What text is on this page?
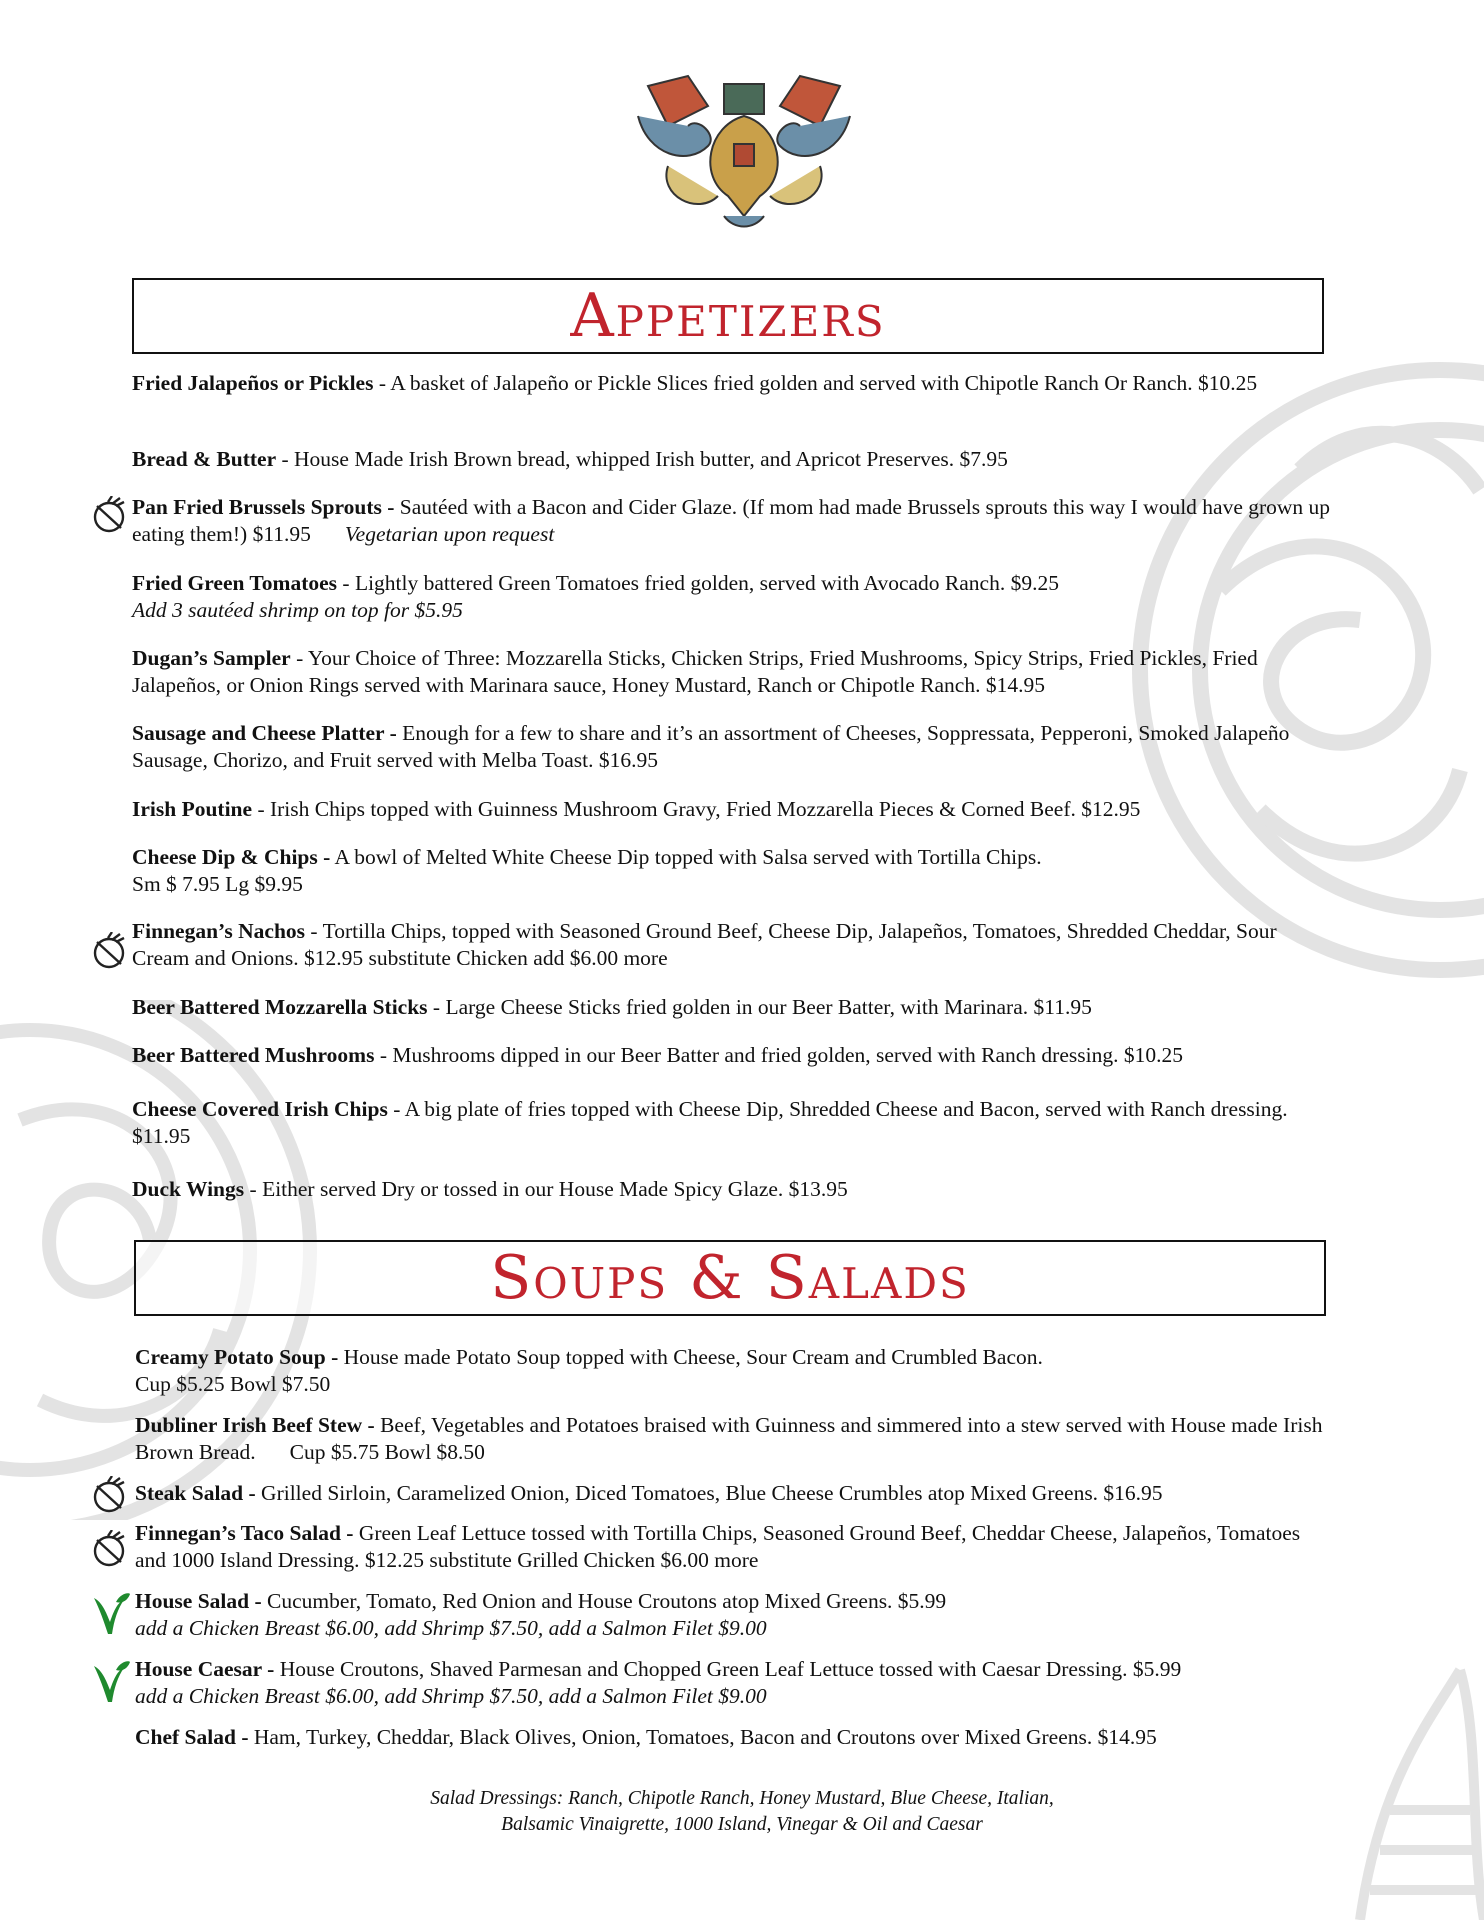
Appetizers
Fried Jalapeños or Pickles - A basket of Jalapeño or Pickle Slices fried golden and served with Chipotle Ranch Or Ranch. $10.25
Bread & Butter - House Made Irish Brown bread, whipped Irish butter, and Apricot Preserves. $7.95
Pan Fried Brussels Sprouts - Sautéed with a Bacon and Cider Glaze. (If mom had made Brussels sprouts this way I would have grown up eating them!) $11.95 Vegetarian upon request
Fried Green Tomatoes - Lightly battered Green Tomatoes fried golden, served with Avocado Ranch. $9.25
Add 3 sautéed shrimp on top for $5.95
Dugan’s Sampler - Your Choice of Three: Mozzarella Sticks, Chicken Strips, Fried Mushrooms, Spicy Strips, Fried Pickles, Fried Jalapeños, or Onion Rings served with Marinara sauce, Honey Mustard, Ranch or Chipotle Ranch. $14.95
Sausage and Cheese Platter - Enough for a few to share and it’s an assortment of Cheeses, Soppressata, Pepperoni, Smoked Jalapeño Sausage, Chorizo, and Fruit served with Melba Toast. $16.95
Irish Poutine - Irish Chips topped with Guinness Mushroom Gravy, Fried Mozzarella Pieces & Corned Beef. $12.95
Cheese Dip & Chips - A bowl of Melted White Cheese Dip topped with Salsa served with Tortilla Chips.
Sm $ 7.95 Lg $9.95
Finnegan’s Nachos - Tortilla Chips, topped with Seasoned Ground Beef, Cheese Dip, Jalapeños, Tomatoes, Shredded Cheddar, Sour Cream and Onions. $12.95 substitute Chicken add $6.00 more
Beer Battered Mozzarella Sticks - Large Cheese Sticks fried golden in our Beer Batter, with Marinara. $11.95
Beer Battered Mushrooms - Mushrooms dipped in our Beer Batter and fried golden, served with Ranch dressing. $10.25
Cheese Covered Irish Chips - A big plate of fries topped with Cheese Dip, Shredded Cheese and Bacon, served with Ranch dressing. $11.95
Duck Wings - Either served Dry or tossed in our House Made Spicy Glaze. $13.95
Soups & Salads
Creamy Potato Soup - House made Potato Soup topped with Cheese, Sour Cream and Crumbled Bacon.
Cup $5.25 Bowl $7.50
Dubliner Irish Beef Stew - Beef, Vegetables and Potatoes braised with Guinness and simmered into a stew served with House made Irish Brown Bread. Cup $5.75 Bowl $8.50
Steak Salad - Grilled Sirloin, Caramelized Onion, Diced Tomatoes, Blue Cheese Crumbles atop Mixed Greens. $16.95
Finnegan’s Taco Salad - Green Leaf Lettuce tossed with Tortilla Chips, Seasoned Ground Beef, Cheddar Cheese, Jalapeños, Tomatoes and 1000 Island Dressing. $12.25 substitute Grilled Chicken $6.00 more
House Salad - Cucumber, Tomato, Red Onion and House Croutons atop Mixed Greens. $5.99
add a Chicken Breast $6.00, add Shrimp $7.50, add a Salmon Filet $9.00
House Caesar - House Croutons, Shaved Parmesan and Chopped Green Leaf Lettuce tossed with Caesar Dressing. $5.99
add a Chicken Breast $6.00, add Shrimp $7.50, add a Salmon Filet $9.00
Chef Salad - Ham, Turkey, Cheddar, Black Olives, Onion, Tomatoes, Bacon and Croutons over Mixed Greens. $14.95
Salad Dressings: Ranch, Chipotle Ranch, Honey Mustard, Blue Cheese, Italian,
Balsamic Vinaigrette, 1000 Island, Vinegar & Oil and Caesar
